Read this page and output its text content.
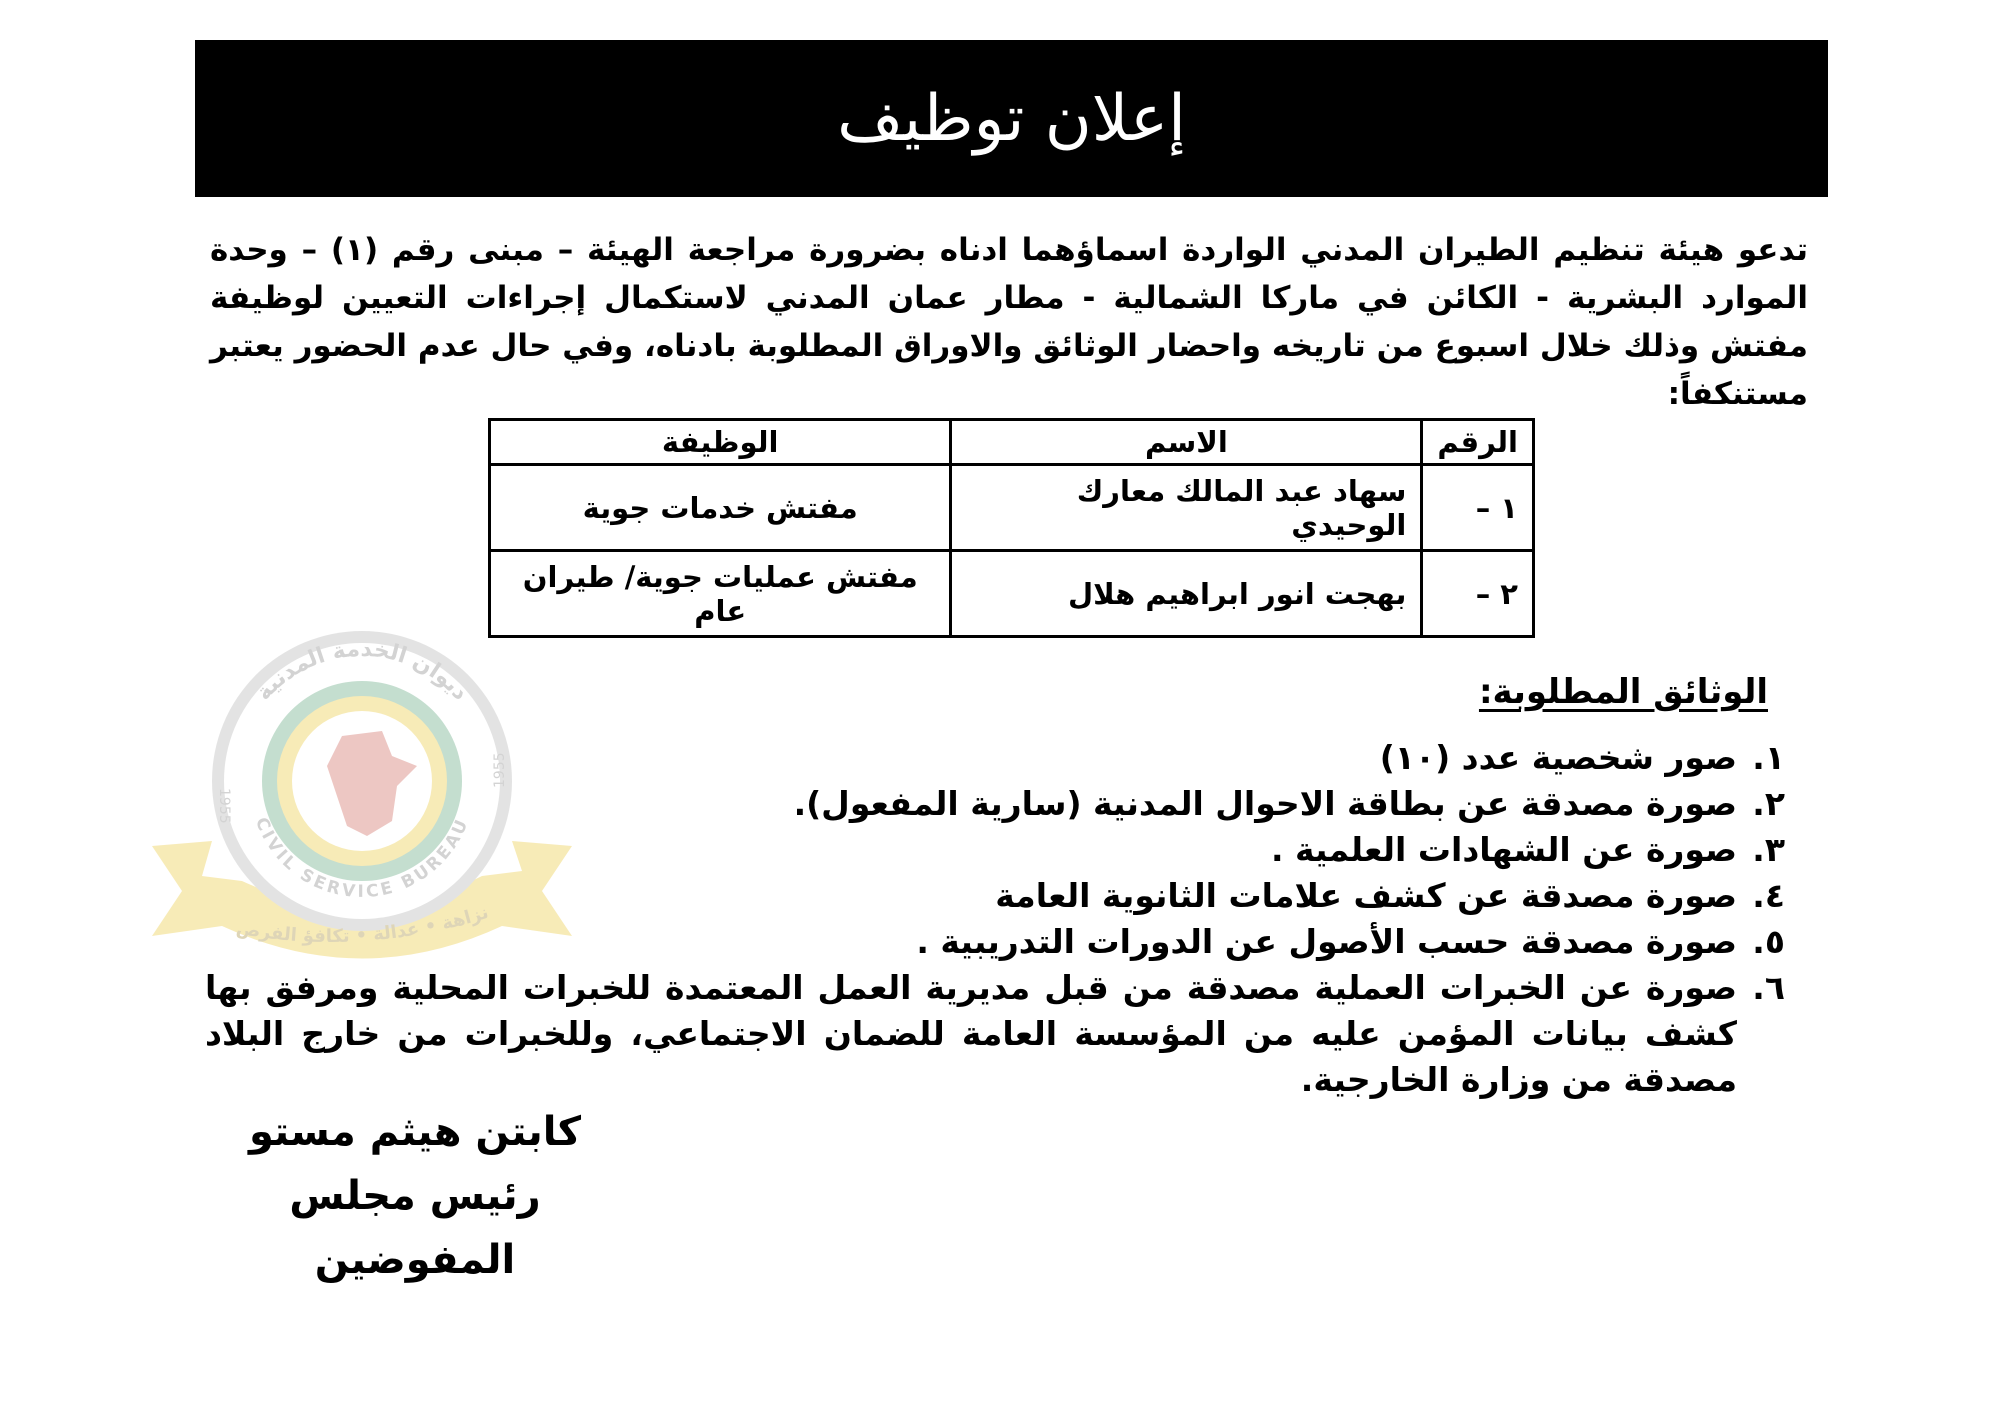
إعلان توظيف
تدعو هيئة تنظيم الطيران المدني الواردة اسماؤهما ادناه بضرورة مراجعة الهيئة – مبنى رقم (١) – وحدة الموارد البشرية - الكائن في ماركا الشمالية - مطار عمان المدني لاستكمال إجراءات التعيين لوظيفة مفتش وذلك خلال اسبوع من تاريخه واحضار الوثائق والاوراق المطلوبة بادناه، وفي حال عدم الحضور يعتبر مستنكفاً:
ديوان الخدمة المدنية
CIVIL SERVICE BUREAU
1955
1955
نزاهة • عدالة • تكافؤ الفرص
الرقم	الاسم	الوظيفة
١ –	سهاد عبد المالك معارك الوحيدي	مفتش خدمات جوية
٢ –	بهجت انور ابراهيم هلال	مفتش عمليات جوية/ طيران عام
الوثائق المطلوبة:
١.
صور شخصية عدد (١٠)
٢.
صورة مصدقة عن بطاقة الاحوال المدنية (سارية المفعول).
٣.
صورة عن الشهادات العلمية .
٤.
صورة مصدقة عن كشف علامات الثانوية العامة
٥.
صورة مصدقة حسب الأصول عن الدورات التدريبية .
٦.
صورة عن الخبرات العملية مصدقة من قبل مديرية العمل المعتمدة للخبرات المحلية ومرفق بها كشف بيانات المؤمن عليه من المؤسسة العامة للضمان الاجتماعي، وللخبرات من خارج البلاد مصدقة من وزارة الخارجية.
كابتن هيثم مستو
رئيس مجلس المفوضين
